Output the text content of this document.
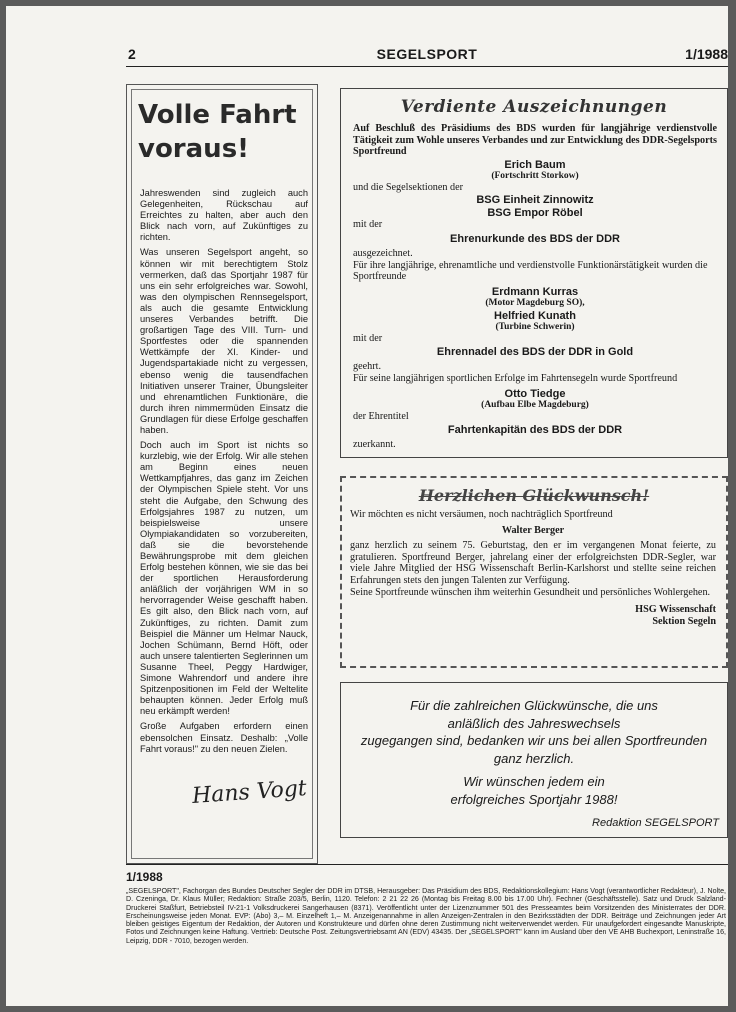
2	SEGELSPORT	1/1988
Volle Fahrt
voraus!

Jahreswenden sind zugleich auch Gelegenheiten, Rückschau auf Erreichtes zu halten, aber auch den Blick nach vorn, auf Zukünftiges zu richten.

Was unseren Segelsport angeht, so können wir mit berechtigtem Stolz vermerken, daß das Sportjahr 1987 für uns ein sehr erfolgreiches war. Sowohl, was den olympischen Rennsegelsport, als auch die gesamte Entwicklung unseres Verbandes betrifft. Die großartigen Tage des VIII. Turn- und Sportfestes oder die spannenden Wettkämpfe der XI. Kinder- und Jugendspartakiade nicht zu vergessen, ebenso wenig die tausendfachen Initiativen unserer Trainer, Übungsleiter und ehrenamtlichen Funktionäre, die durch ihren nimmermüden Einsatz die Grundlagen für diese Erfolge geschaffen haben.

Doch auch im Sport ist nichts so kurzlebig, wie der Erfolg. Wir alle stehen am Beginn eines neuen Wettkampfjahres, das ganz im Zeichen der Olympischen Spiele steht. Vor uns steht die Aufgabe, den Schwung des Erfolgsjahres 1987 zu nutzen, um beispielsweise unsere Olympiakandidaten so vorzubereiten, daß sie die bevorstehende Bewährungsprobe mit dem gleichen Erfolg bestehen können, wie sie das bei der sportlichen Herausforderung anläßlich der vorjährigen WM in so hervorragender Weise geschafft haben. Es gilt also, den Blick nach vorn, auf Zukünftiges, zu richten. Damit zum Beispiel die Männer um Helmar Nauck, Jochen Schümann, Bernd Höft, oder auch unsere talentierten Seglerinnen um Susanne Theel, Peggy Hardwiger, Simone Wahrendorf und andere ihre Spitzenpositionen im Feld der Weltelite behaupten können. Jeder Erfolg muß neu erkämpft werden!

Große Aufgaben erfordern einen ebensolchen Einsatz. Deshalb: „Volle Fahrt voraus!" zu den neuen Zielen.

Hans Vogt
Verdiente Auszeichnungen

Auf Beschluß des Präsidiums des BDS wurden für langjährige verdienstvolle Tätigkeit zum Wohle unseres Verbandes und zur Entwicklung des DDR-Segelsports Sportfreund

Erich Baum

(Fortschritt Storkow)

und die Segelsektionen der

BSG Einheit Zinnowitz

BSG Empor Röbel

mit der

Ehrenurkunde des BDS der DDR

ausgezeichnet.

Für ihre langjährige, ehrenamtliche und verdienstvolle Funktionärstätigkeit wurden die Sportfreunde

Erdmann Kurras

(Motor Magdeburg SO),

Helfried Kunath

(Turbine Schwerin)

mit der

Ehrennadel des BDS der DDR in Gold

geehrt.

Für seine langjährigen sportlichen Erfolge im Fahrtensegeln wurde Sportfreund

Otto Tiedge

(Aufbau Elbe Magdeburg)

der Ehrentitel

Fahrtenkapitän des BDS der DDR

zuerkannt.

Herzlichen Glückwunsch!

Wir möchten es nicht versäumen, noch nachträglich Sportfreund

Walter Berger

ganz herzlich zu seinem 75. Geburtstag, den er im vergangenen Monat feierte, zu gratulieren. Sportfreund Berger, jahrelang einer der erfolgreichsten DDR-Segler, war viele Jahre Mitglied der HSG Wissenschaft Berlin-Karlshorst und stellte seine reichen Erfahrungen stets den jungen Talenten zur Verfügung.

Seine Sportfreunde wünschen ihm weiterhin Gesundheit und persönliches Wohlergehen.

HSG Wissenschaft
Sektion Segeln

Für die zahlreichen Glückwünsche, die uns
anläßlich des Jahreswechsels
zugegangen sind, bedanken wir uns bei allen Sportfreunden
ganz herzlich.

Wir wünschen jedem ein
erfolgreiches Sportjahr 1988!

Redaktion SEGELSPORT

1/1988

„SEGELSPORT", Fachorgan des Bundes Deutscher Segler der DDR im DTSB, Herausgeber: Das Präsidium des BDS, Redaktionskollegium: Hans Vogt (verantwortlicher Redakteur), J. Nolte, D. Czeninga, Dr. Klaus Müller; Redaktion: Straße 203/5, Berlin, 1120. Telefon: 2 21 22 26 (Montag bis Freitag 8.00 bis 17.00 Uhr). Fechner (Geschäftsstelle). Satz und Druck Salzland-Druckerei Staßfurt, Betriebsteil IV-21-1 Volksdruckerei Sangerhausen (8371). Veröffentlicht unter der Lizenznummer 501 des Presseamtes beim Vorsitzenden des Ministerrates der DDR. Erscheinungsweise jeden Monat. EVP: (Abo) 3,– M. Einzelheft 1,– M. Anzeigenannahme in allen Anzeigen-Zentralen in den Bezirksstädten der DDR. Beiträge und Zeichnungen jeder Art bleiben geistiges Eigentum der Redaktion, der Autoren und Konstrukteure und dürfen ohne deren Zustimmung nicht weiterverwendet werden. Für unaufgefordert eingesandte Manuskripte, Fotos und Zeichnungen keine Haftung. Vertrieb: Deutsche Post. Zeitungsvertriebsamt AN (EDV) 43435. Der „SEGELSPORT" kann im Ausland über den VE AHB Buchexport, Leninstraße 16, Leipzig, DDR - 7010, bezogen werden.
